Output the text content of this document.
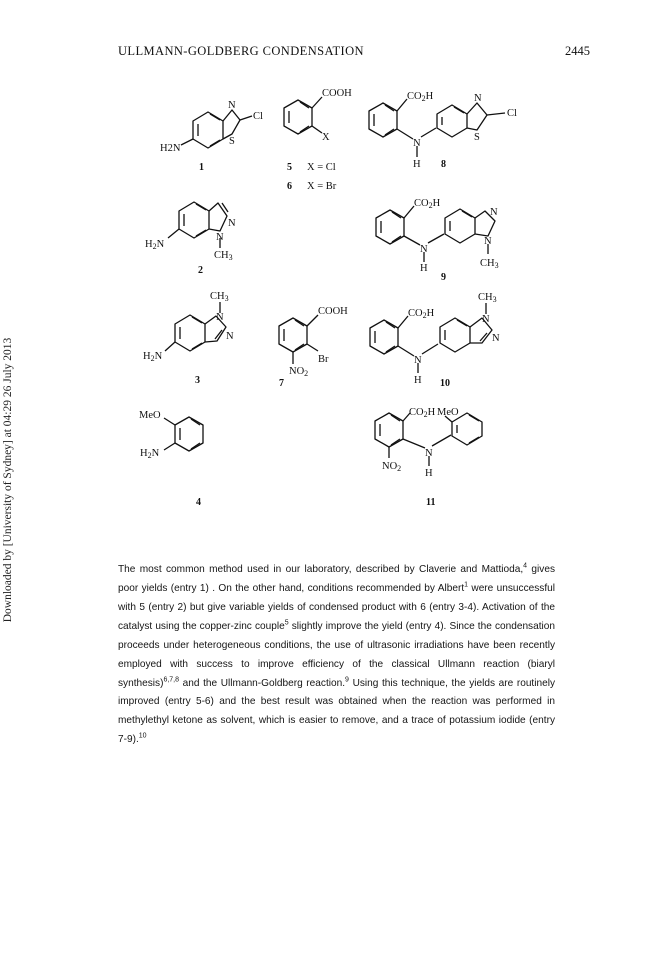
ULLMANN-GOLDBERG CONDENSATION	2445
Downloaded by [University of Sydney] at 04:29 26 July 2013
N
S
Cl
H2N
1
COOH
X
5 X = Cl
6 X = Br
CO2H
N
H
N
S
Cl
8
N
N
CH3
H2N
2
CO2H
N
H
N
N
CH3
9
CH3
N
N
H2N
3
COOH
Br
NO2
7
CO2H
N
H
CH3
N
N
10
MeO
H2N
4
CO2H MeO
N
H
NO2
11

The most common method used in our laboratory, described by Claverie and Mattioda,$^4$ gives poor yields (entry 1) . On the other hand, conditions recommended by Albert$^1$ were unsuccessful with 5 (entry 2) but give variable yields of condensed product with 6 (entry 3-4). Activation of the catalyst using the copper-zinc couple$^5$ slightly improve the yield (entry 4). Since the condensation proceeds under heterogeneous conditions, the use of ultrasonic irradiations have been recently employed with success to improve efficiency of the classical Ullmann reaction (biaryl synthesis)$^{6,7,8}$ and the Ullmann-Goldberg reaction.$^9$ Using this technique, the yields are routinely improved (entry 5-6) and the best result was obtained when the reaction was performed in methylethyl ketone as solvent, which is easier to remove, and a trace of potassium iodide (entry 7-9).$^{10}$
